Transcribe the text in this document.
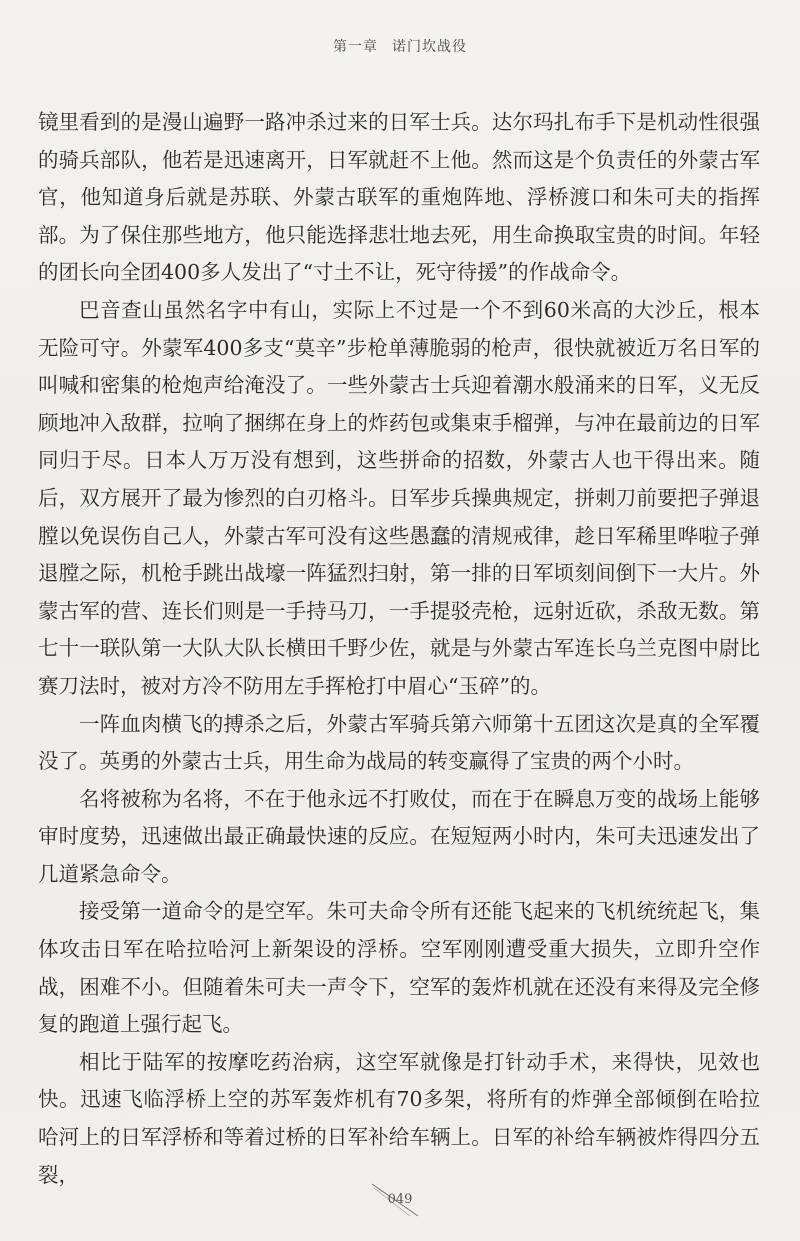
第一章 诺门坎战役

镜里看到的是漫山遍野一路冲杀过来的日军士兵。达尔玛扎布手下是机动性很强的骑兵部队，他若是迅速离开，日军就赶不上他。然而这是个负责任的外蒙古军官，他知道身后就是苏联、外蒙古联军的重炮阵地、浮桥渡口和朱可夫的指挥部。为了保住那些地方，他只能选择悲壮地去死，用生命换取宝贵的时间。年轻的团长向全团400多人发出了“寸土不让，死守待援”的作战命令。

巴音查山虽然名字中有山，实际上不过是一个不到60米高的大沙丘，根本无险可守。外蒙军400多支“莫辛”步枪单薄脆弱的枪声，很快就被近万名日军的叫喊和密集的枪炮声给淹没了。一些外蒙古士兵迎着潮水般涌来的日军，义无反顾地冲入敌群，拉响了捆绑在身上的炸药包或集束手榴弹，与冲在最前边的日军同归于尽。日本人万万没有想到，这些拼命的招数，外蒙古人也干得出来。随后，双方展开了最为惨烈的白刃格斗。日军步兵操典规定，拼刺刀前要把子弹退膛以免误伤自己人，外蒙古军可没有这些愚蠢的清规戒律，趁日军稀里哗啦子弹退膛之际，机枪手跳出战壕一阵猛烈扫射，第一排的日军顷刻间倒下一大片。外蒙古军的营、连长们则是一手持马刀，一手提驳壳枪，远射近砍，杀敌无数。第七十一联队第一大队大队长横田千野少佐，就是与外蒙古军连长乌兰克图中尉比赛刀法时，被对方冷不防用左手挥枪打中眉心“玉碎”的。

一阵血肉横飞的搏杀之后，外蒙古军骑兵第六师第十五团这次是真的全军覆没了。英勇的外蒙古士兵，用生命为战局的转变赢得了宝贵的两个小时。

名将被称为名将，不在于他永远不打败仗，而在于在瞬息万变的战场上能够审时度势，迅速做出最正确最快速的反应。在短短两小时内，朱可夫迅速发出了几道紧急命令。

接受第一道命令的是空军。朱可夫命令所有还能飞起来的飞机统统起飞，集体攻击日军在哈拉哈河上新架设的浮桥。空军刚刚遭受重大损失，立即升空作战，困难不小。但随着朱可夫一声令下，空军的轰炸机就在还没有来得及完全修复的跑道上强行起飞。

相比于陆军的按摩吃药治病，这空军就像是打针动手术，来得快，见效也快。迅速飞临浮桥上空的苏军轰炸机有70多架，将所有的炸弹全部倾倒在哈拉哈河上的日军浮桥和等着过桥的日军补给车辆上。日军的补给车辆被炸得四分五裂，

049
